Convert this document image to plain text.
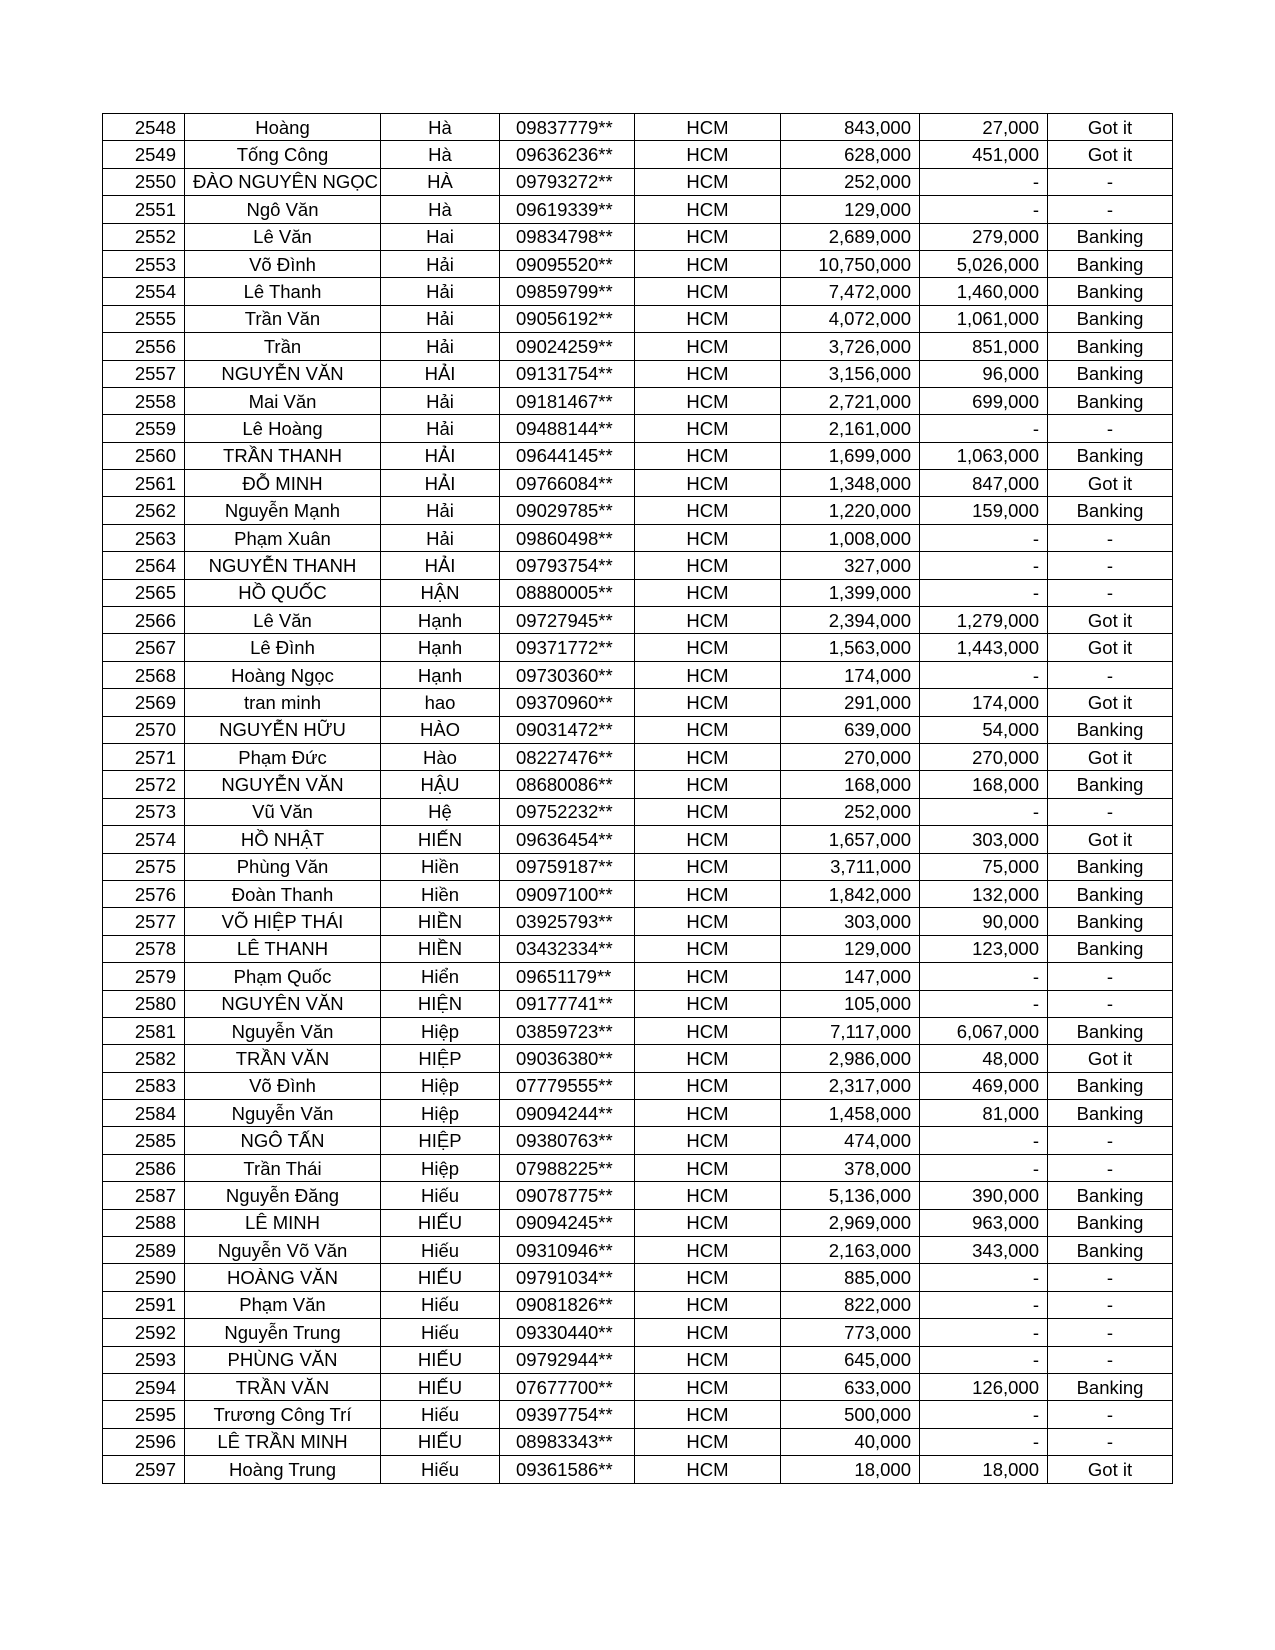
2548	Hoàng	Hà	09837779**	HCM	843,000	27,000	Got it
2549	Tống Công	Hà	09636236**	HCM	628,000	451,000	Got it
2550	ĐÀO NGUYÊN NGỌC	HÀ	09793272**	HCM	252,000	-	-
2551	Ngô Văn	Hà	09619339**	HCM	129,000	-	-
2552	Lê Văn	Hai	09834798**	HCM	2,689,000	279,000	Banking
2553	Võ Đình	Hải	09095520**	HCM	10,750,000	5,026,000	Banking
2554	Lê Thanh	Hải	09859799**	HCM	7,472,000	1,460,000	Banking
2555	Trần Văn	Hải	09056192**	HCM	4,072,000	1,061,000	Banking
2556	Trần	Hải	09024259**	HCM	3,726,000	851,000	Banking
2557	NGUYỄN VĂN	HẢI	09131754**	HCM	3,156,000	96,000	Banking
2558	Mai Văn	Hải	09181467**	HCM	2,721,000	699,000	Banking
2559	Lê Hoàng	Hải	09488144**	HCM	2,161,000	-	-
2560	TRẦN THANH	HẢI	09644145**	HCM	1,699,000	1,063,000	Banking
2561	ĐỖ MINH	HẢI	09766084**	HCM	1,348,000	847,000	Got it
2562	Nguyễn Mạnh	Hải	09029785**	HCM	1,220,000	159,000	Banking
2563	Phạm Xuân	Hải	09860498**	HCM	1,008,000	-	-
2564	NGUYỄN THANH	HẢI	09793754**	HCM	327,000	-	-
2565	HỒ QUỐC	HẬN	08880005**	HCM	1,399,000	-	-
2566	Lê Văn	Hạnh	09727945**	HCM	2,394,000	1,279,000	Got it
2567	Lê Đình	Hạnh	09371772**	HCM	1,563,000	1,443,000	Got it
2568	Hoàng Ngọc	Hạnh	09730360**	HCM	174,000	-	-
2569	tran minh	hao	09370960**	HCM	291,000	174,000	Got it
2570	NGUYỄN HỮU	HÀO	09031472**	HCM	639,000	54,000	Banking
2571	Phạm Đức	Hào	08227476**	HCM	270,000	270,000	Got it
2572	NGUYỄN VĂN	HẬU	08680086**	HCM	168,000	168,000	Banking
2573	Vũ Văn	Hệ	09752232**	HCM	252,000	-	-
2574	HỒ NHẬT	HIẾN	09636454**	HCM	1,657,000	303,000	Got it
2575	Phùng Văn	Hiền	09759187**	HCM	3,711,000	75,000	Banking
2576	Đoàn Thanh	Hiền	09097100**	HCM	1,842,000	132,000	Banking
2577	VÕ HIỆP THÁI	HIỀN	03925793**	HCM	303,000	90,000	Banking
2578	LÊ THANH	HIỀN	03432334**	HCM	129,000	123,000	Banking
2579	Phạm Quốc	Hiển	09651179**	HCM	147,000	-	-
2580	NGUYÊN VĂN	HIỆN	09177741**	HCM	105,000	-	-
2581	Nguyễn Văn	Hiệp	03859723**	HCM	7,117,000	6,067,000	Banking
2582	TRẦN VĂN	HIỆP	09036380**	HCM	2,986,000	48,000	Got it
2583	Võ Đình	Hiệp	07779555**	HCM	2,317,000	469,000	Banking
2584	Nguyễn Văn	Hiệp	09094244**	HCM	1,458,000	81,000	Banking
2585	NGÔ TẤN	HIỆP	09380763**	HCM	474,000	-	-
2586	Trần Thái	Hiệp	07988225**	HCM	378,000	-	-
2587	Nguyễn Đăng	Hiếu	09078775**	HCM	5,136,000	390,000	Banking
2588	LÊ MINH	HIẾU	09094245**	HCM	2,969,000	963,000	Banking
2589	Nguyễn Võ Văn	Hiếu	09310946**	HCM	2,163,000	343,000	Banking
2590	HOÀNG VĂN	HIẾU	09791034**	HCM	885,000	-	-
2591	Phạm Văn	Hiếu	09081826**	HCM	822,000	-	-
2592	Nguyễn Trung	Hiếu	09330440**	HCM	773,000	-	-
2593	PHÙNG VĂN	HIẾU	09792944**	HCM	645,000	-	-
2594	TRẦN VĂN	HIẾU	07677700**	HCM	633,000	126,000	Banking
2595	Trương Công Trí	Hiếu	09397754**	HCM	500,000	-	-
2596	LÊ TRẦN MINH	HIẾU	08983343**	HCM	40,000	-	-
2597	Hoàng Trung	Hiếu	09361586**	HCM	18,000	18,000	Got it
